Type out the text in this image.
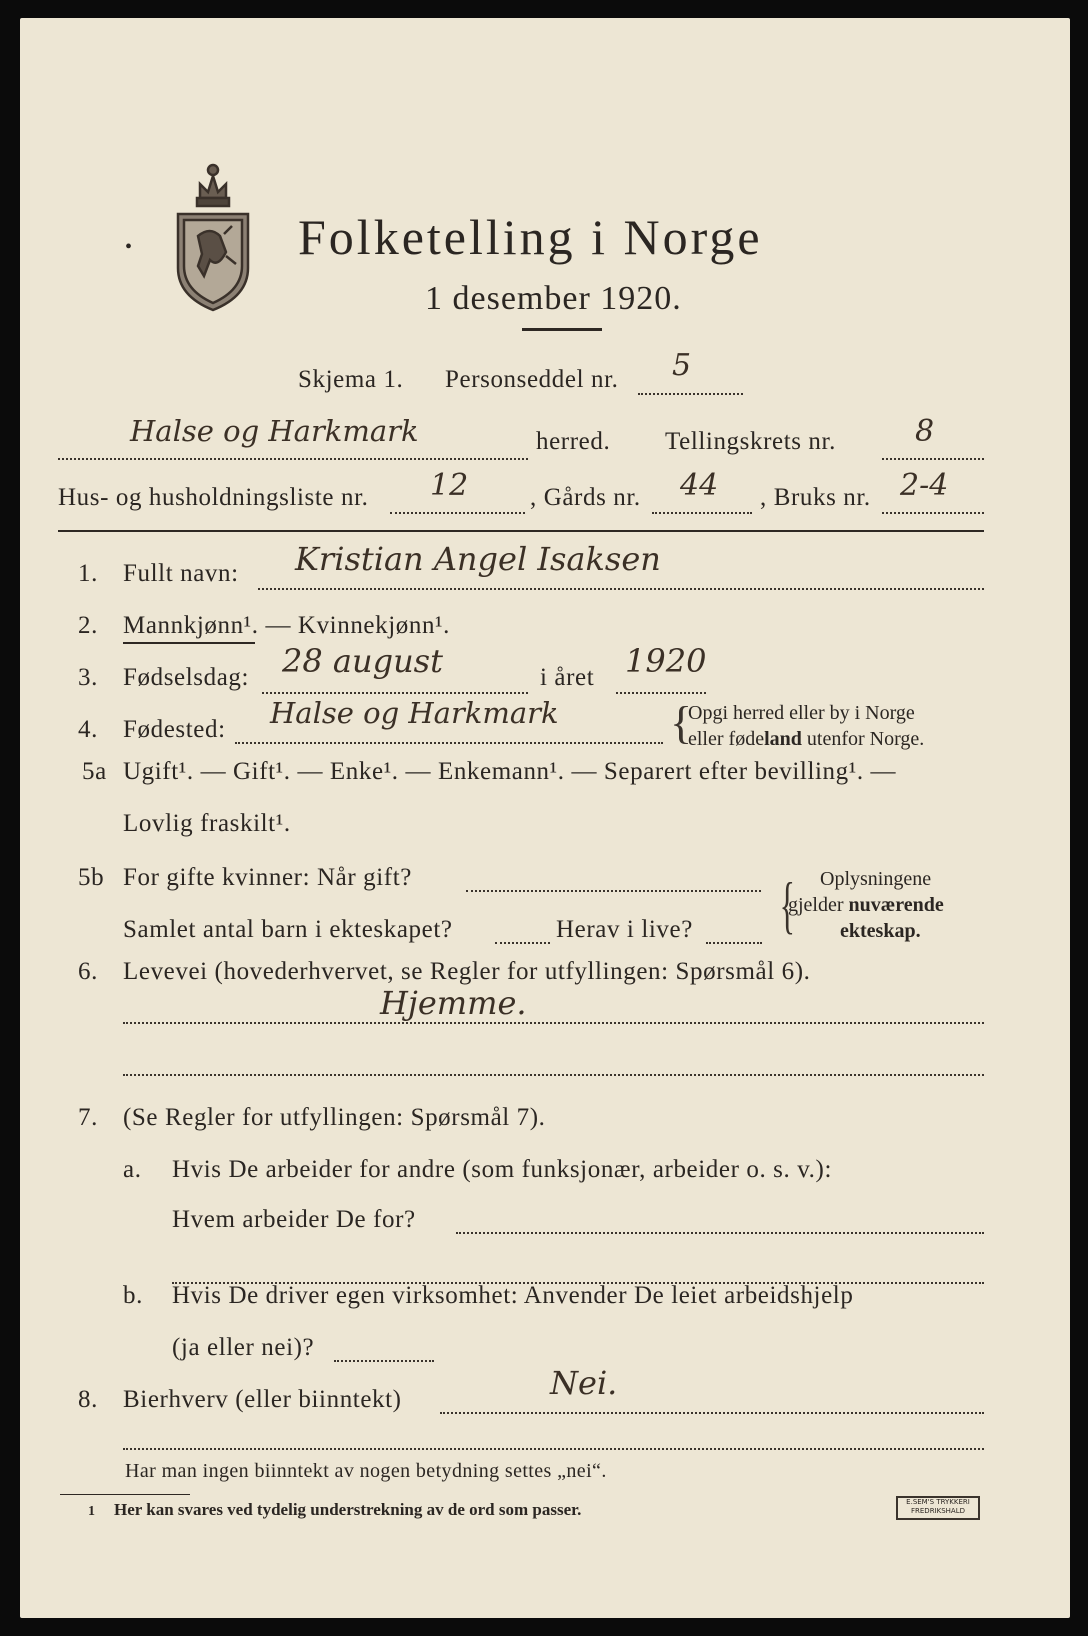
•	Folketelling i Norge
1 desember 1920.
Skjema 1. Personseddel nr. 5
Halse og Harkmark	herred. Tellingskrets nr.	8
Hus- og husholdningsliste nr. 12 , Gårds nr. 44 , Bruks nr. 2-4
1. Fullt navn: Kristian Angel Isaksen
2. Mannkjønn¹. — Kvinnekjønn¹.
3. Fødselsdag: 28 august	i året 1920
4. Fødested: Halse og Harkmark {
Opgi herred eller by i Norge
eller fødeland utenfor Norge.
5a Ugift¹. — Gift¹. — Enke¹. — Enkemann¹. — Separert efter bevilling¹. —
Lovlig fraskilt¹.
5b For gifte kvinner: Når gift?
Samlet antal barn i ekteskapet?	Herav i live? { Oplysningene
gjelder nuværende
ekteskap.
6. Levevei (hovederhvervet, se Regler for utfyllingen: Spørsmål 6).
Hjemme.
7. (Se Regler for utfyllingen: Spørsmål 7).
a. Hvis De arbeider for andre (som funksjonær, arbeider o. s. v.):
Hvem arbeider De for?
b. Hvis De driver egen virksomhet: Anvender De leiet arbeidshjelp
(ja eller nei)?
8. Bierhverv (eller biinntekt)	Nei.
Har man ingen biinntekt av nogen betydning settes „nei“.
1 Her kan svares ved tydelig understrekning av de ord som passer.	E.SEM'S TRYKKERI
FREDRIKSHALD
